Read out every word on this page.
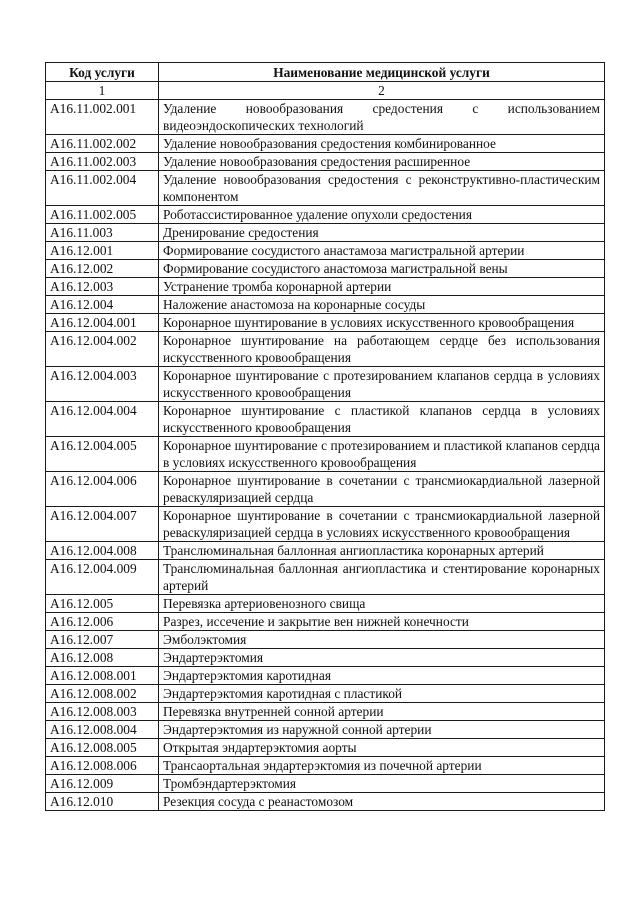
Код услуги	Наименование медицинской услуги
1	2
A16.11.002.001	Удаление новообразования средостения с использованием видеоэндоскопических технологий
A16.11.002.002	Удаление новообразования средостения комбинированное
A16.11.002.003	Удаление новообразования средостения расширенное
A16.11.002.004	Удаление новообразования средостения с реконструктивно-пластическим компонентом
A16.11.002.005	Роботассистированное удаление опухоли средостения
A16.11.003	Дренирование средостения
A16.12.001	Формирование сосудистого анастамоза магистральной артерии
A16.12.002	Формирование сосудистого анастомоза магистральной вены
A16.12.003	Устранение тромба коронарной артерии
A16.12.004	Наложение анастомоза на коронарные сосуды
A16.12.004.001	Коронарное шунтирование в условиях искусственного кровообращения
A16.12.004.002	Коронарное шунтирование на работающем сердце без использования искусственного кровообращения
A16.12.004.003	Коронарное шунтирование с протезированием клапанов сердца в условиях искусственного кровообращения
A16.12.004.004	Коронарное шунтирование с пластикой клапанов сердца в условиях искусственного кровообращения
A16.12.004.005	Коронарное шунтирование с протезированием и пластикой клапанов сердца в условиях искусственного кровообращения
A16.12.004.006	Коронарное шунтирование в сочетании с трансмиокардиальной лазерной реваскуляризацией сердца
A16.12.004.007	Коронарное шунтирование в сочетании с трансмиокардиальной лазерной реваскуляризацией сердца в условиях искусственного кровообращения
A16.12.004.008	Транслюминальная баллонная ангиопластика коронарных артерий
A16.12.004.009	Транслюминальная баллонная ангиопластика и стентирование коронарных артерий
A16.12.005	Перевязка артериовенозного свища
A16.12.006	Разрез, иссечение и закрытие вен нижней конечности
A16.12.007	Эмболэктомия
A16.12.008	Эндартерэктомия
A16.12.008.001	Эндартерэктомия каротидная
A16.12.008.002	Эндартерэктомия каротидная с пластикой
A16.12.008.003	Перевязка внутренней сонной артерии
A16.12.008.004	Эндартерэктомия из наружной сонной артерии
A16.12.008.005	Открытая эндартерэктомия аорты
A16.12.008.006	Трансаортальная эндартерэктомия из почечной артерии
A16.12.009	Тромбэндартерэктомия
A16.12.010	Резекция сосуда с реанастомозом
